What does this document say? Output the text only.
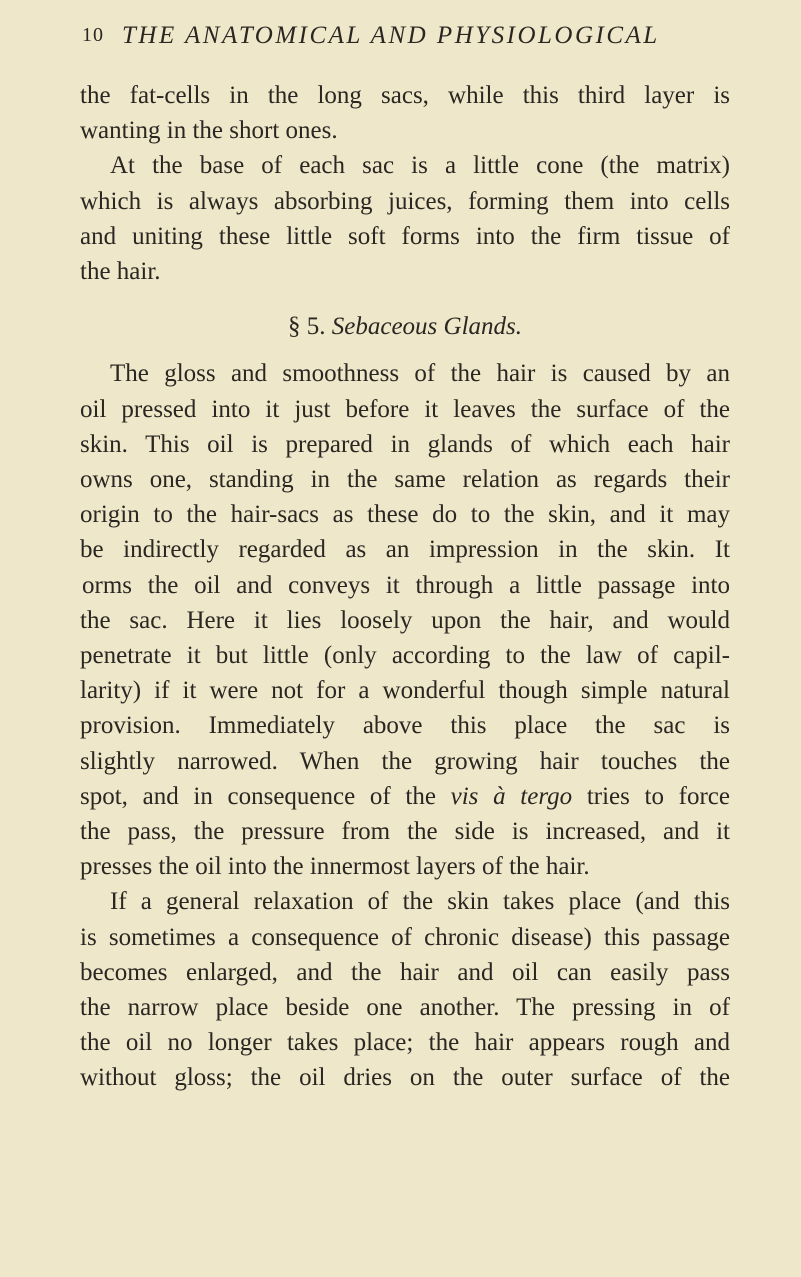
10 THE ANATOMICAL AND PHYSIOLOGICAL
the fat-cells in the long sacs, while this third layer is
wanting in the short ones.
At the base of each sac is a little cone (the matrix)
which is always absorbing juices, forming them into cells
and uniting these little soft forms into the firm tissue of
the hair.
§ 5. Sebaceous Glands.
The gloss and smoothness of the hair is caused by an
oil pressed into it just before it leaves the surface of the
skin. This oil is prepared in glands of which each hair
owns one, standing in the same relation as regards their
origin to the hair-sacs as these do to the skin, and it may
be indirectly regarded as an impression in the skin. It
orms the oil and conveys it through a little passage into
the sac. Here it lies loosely upon the hair, and would
penetrate it but little (only according to the law of capil-
larity) if it were not for a wonderful though simple natural
provision. Immediately above this place the sac is
slightly narrowed. When the growing hair touches the
spot, and in consequence of the vis à tergo tries to force
the pass, the pressure from the side is increased, and it
presses the oil into the innermost layers of the hair.
If a general relaxation of the skin takes place (and this
is sometimes a consequence of chronic disease) this passage
becomes enlarged, and the hair and oil can easily pass
the narrow place beside one another. The pressing in of
the oil no longer takes place; the hair appears rough and
without gloss; the oil dries on the outer surface of the
